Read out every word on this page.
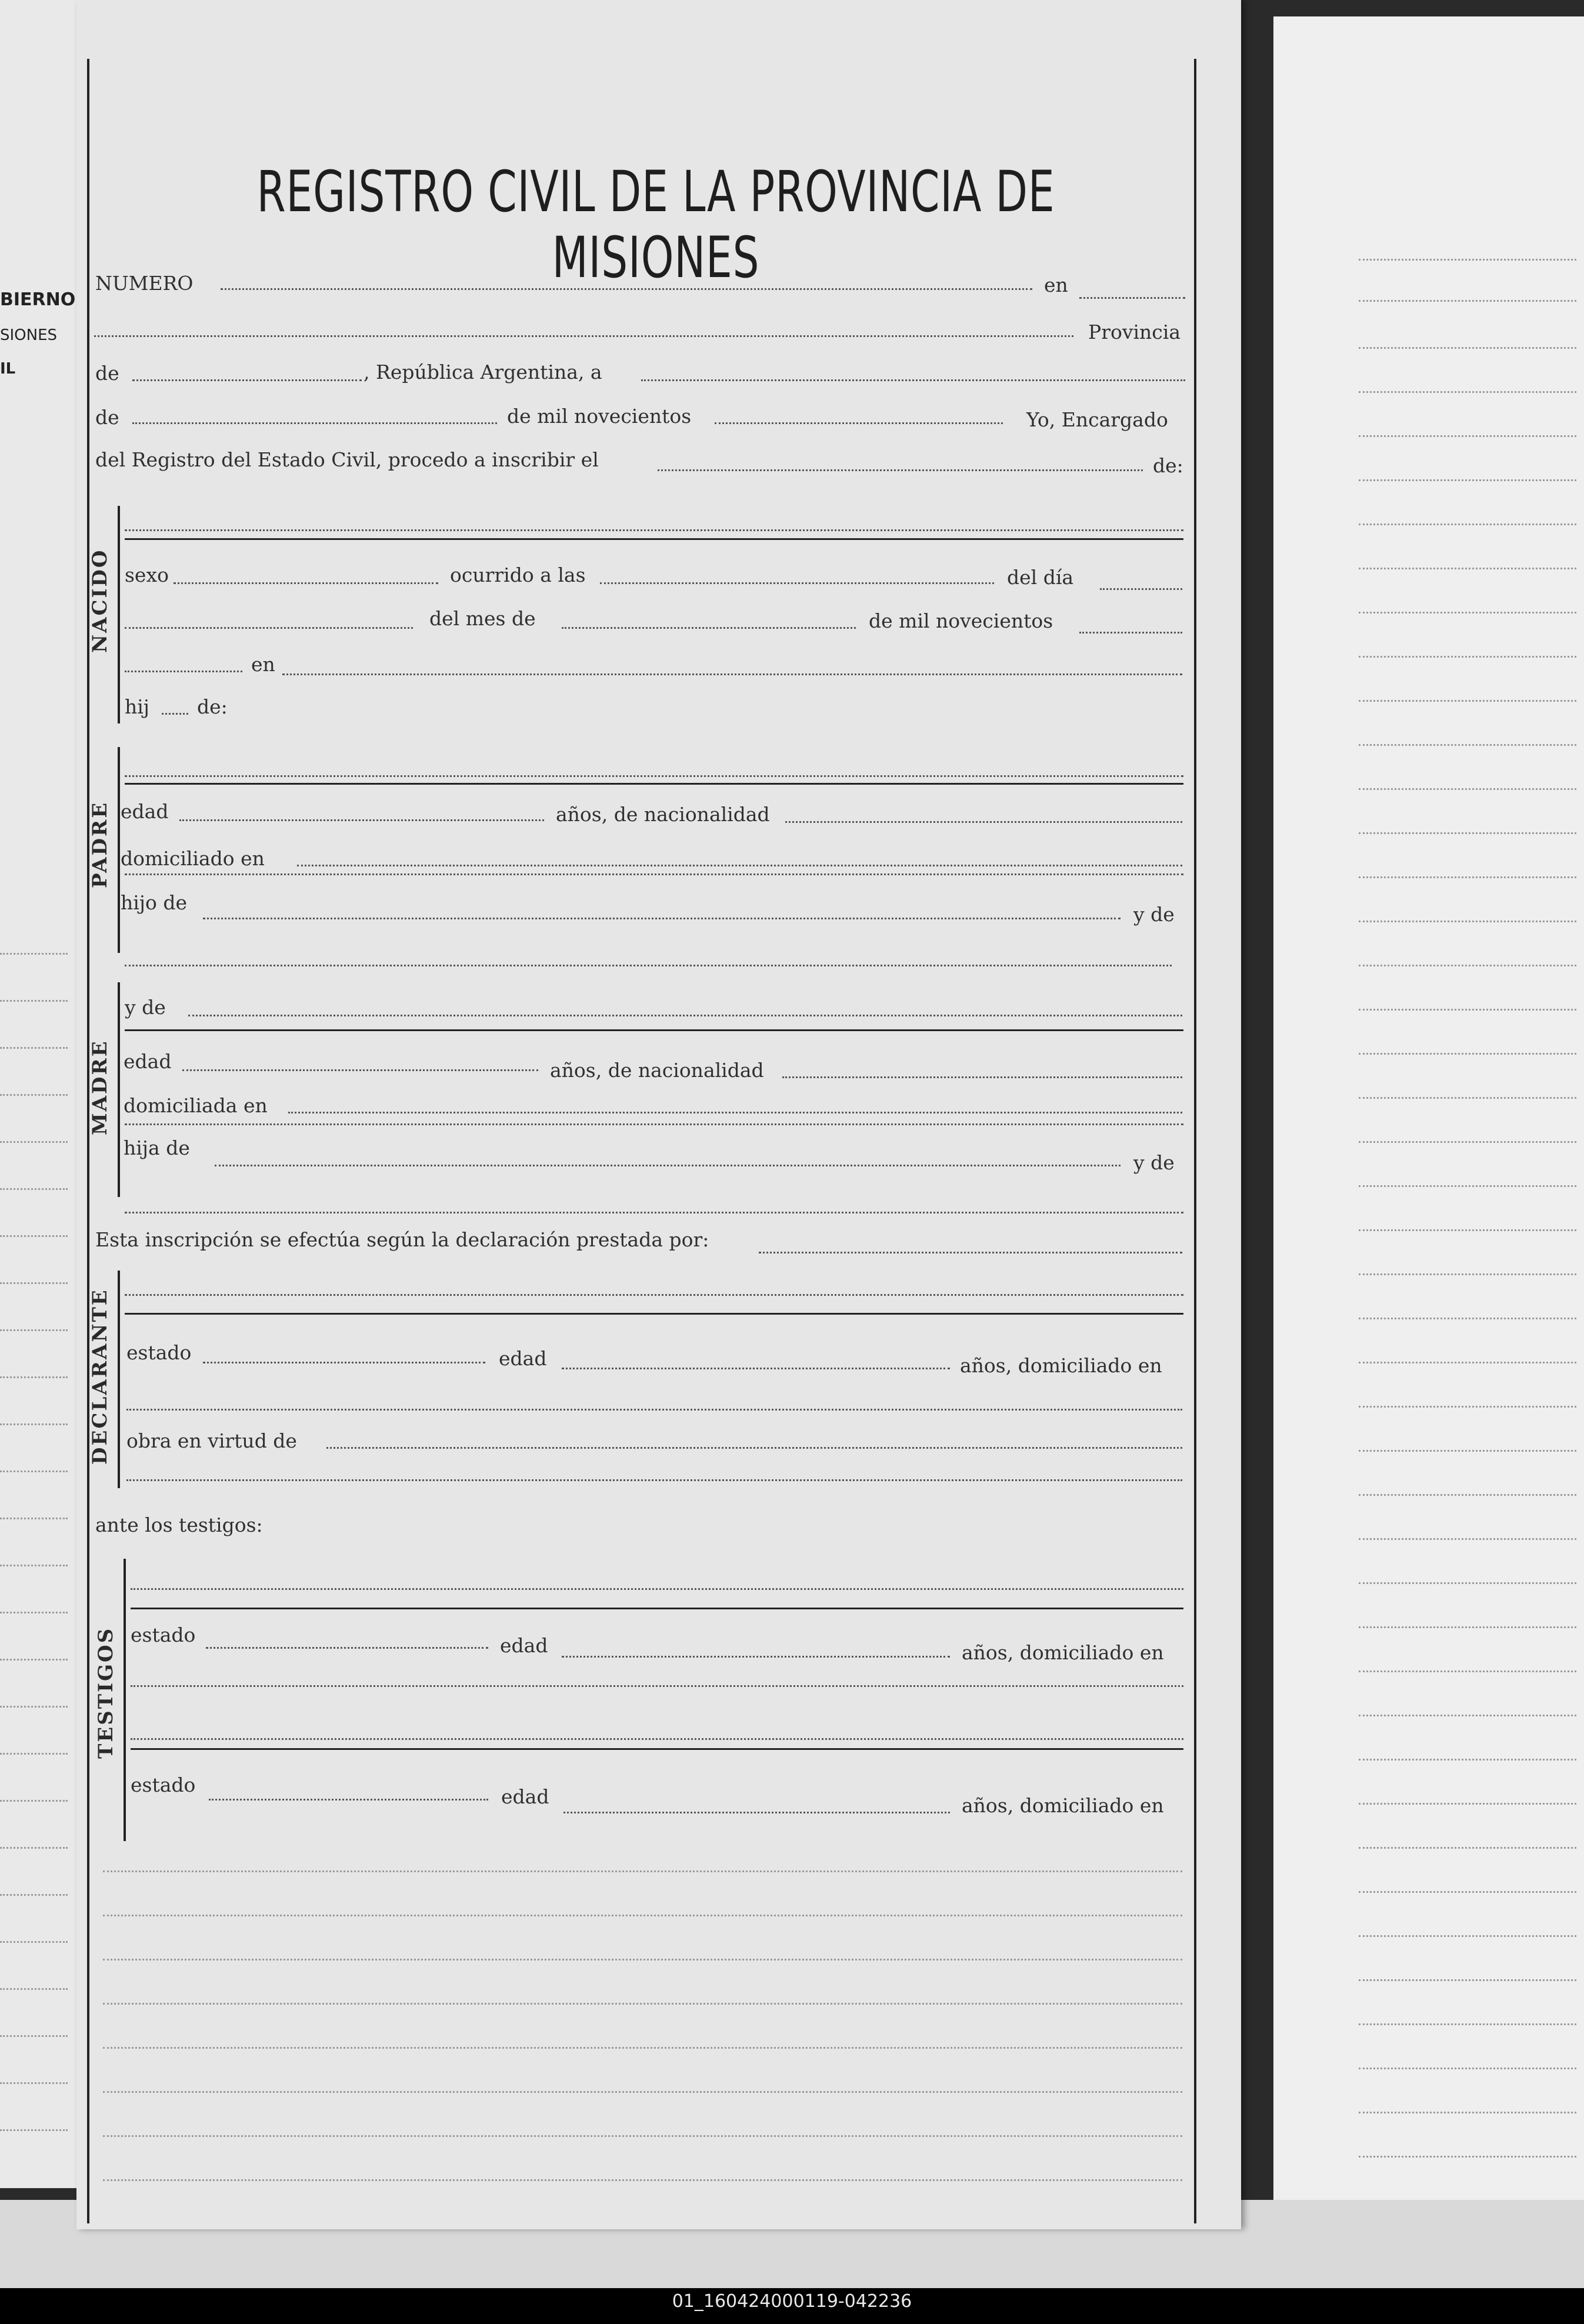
BIERNO
SIONES
IL
REGISTRO CIVIL DE LA PROVINCIA DE MISIONES
NUMERO	en
Provincia
de	, República Argentina, a
de	de mil novecientos	Yo, Encargado
del Registro del Estado Civil, procedo a inscribir el	de:
NACIDO sexo	ocurrido a las	del día
del mes de	de mil novecientos
en
hij de:
PADRE edad	años, de nacionalidad
domiciliado en
hijo de
y de
MADRE
y de
edad	años, de nacionalidad
domiciliada en
hija de
y de
Esta inscripción se efectúa según la declaración prestada por:
DECLARANTE estado	edad	años, domiciliado en
obra en virtud de
ante los testigos:
TESTIGOS estado	edad	años, domiciliado en
estado
edad	años, domiciliado en
01_160424000119-042236
